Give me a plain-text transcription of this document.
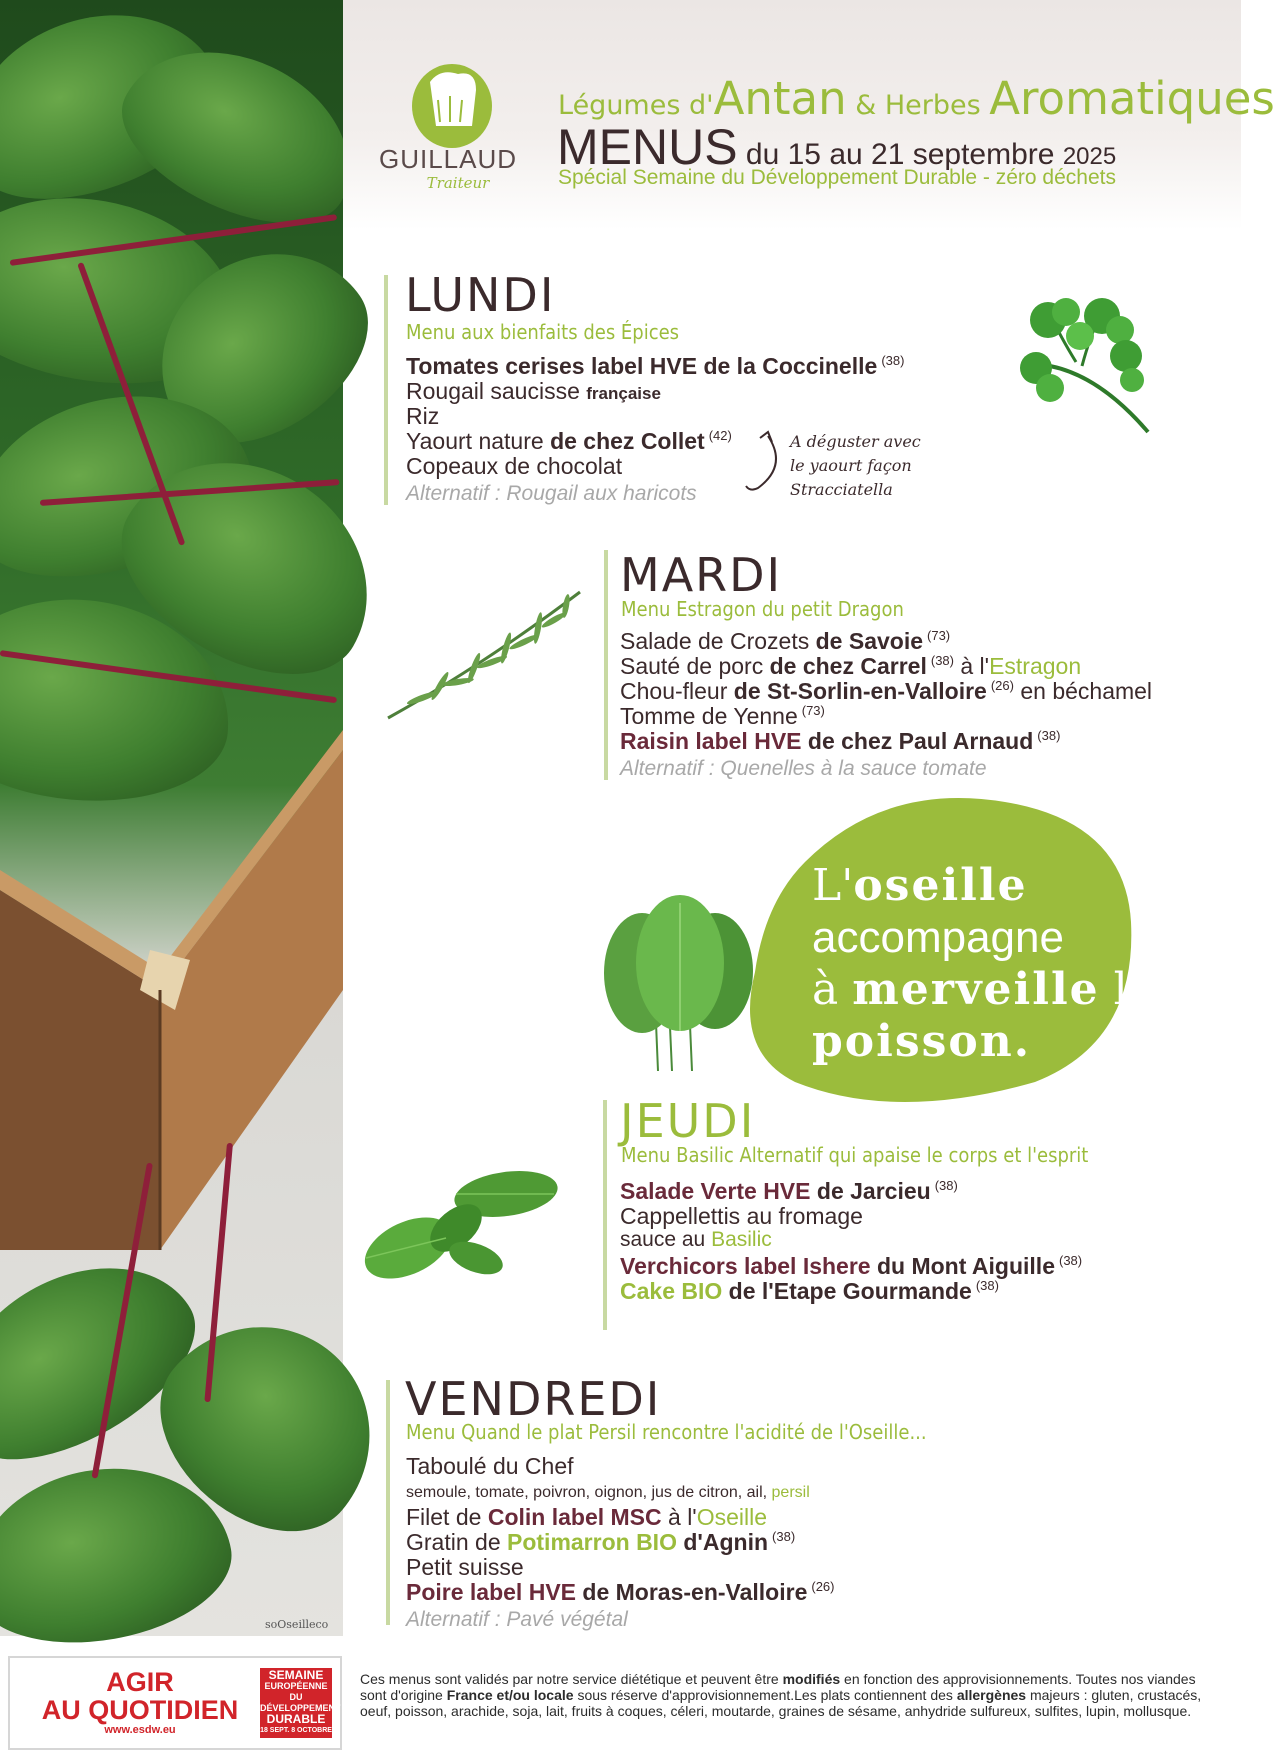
soOseilleco
GUILLAUD
Traiteur
Légumes d'Antan & Herbes Aromatiques
MENUS du 15 au 21 septembre 2025
Spécial Semaine du Développement Durable - zéro déchets
LUNDI
Menu aux bienfaits des Épices
Tomates cerises label HVE de la Coccinelle $^{(38)}$
Rougail saucisse française
Riz
Yaourt nature de chez Collet $^{(42)}$
Copeaux de chocolat
Alternatif : Rougail aux haricots
A déguster avec
le yaourt façon
Stracciatella
MARDI
Menu Estragon du petit Dragon
Salade de Crozets de Savoie $^{(73)}$
Sauté de porc de chez Carrel $^{(38)}$ à l'Estragon
Chou-fleur de St-Sorlin-en-Valloire $^{(26)}$ en béchamel
Tomme de Yenne $^{(73)}$
Raisin label HVE de chez Paul Arnaud $^{(38)}$
Alternatif : Quenelles à la sauce tomate
L'oseille
accompagne
à merveille le
poisson.
JEUDI
Menu Basilic Alternatif qui apaise le corps et l'esprit
Salade Verte HVE de Jarcieu $^{(38)}$
Cappellettis au fromage
sauce au Basilic
Verchicors label Ishere du Mont Aiguille $^{(38)}$
Cake BIO de l'Etape Gourmande $^{(38)}$
VENDREDI
Menu Quand le plat Persil rencontre l'acidité de l'Oseille...
Taboulé du Chef
semoule, tomate, poivron, oignon, jus de citron, ail, persil
Filet de Colin label MSC à l'Oseille
Gratin de Potimarron BIO d'Agnin $^{(38)}$
Petit suisse
Poire label HVE de Moras-en-Valloire $^{(26)}$
Alternatif : Pavé végétal
AGIR
AU QUOTIDIEN
www.esdw.eu
SEMAINE
EUROPÉENNE
DU DÉVELOPPEMENT
DURABLE
18 SEPT. 8 OCTOBRE
Ces menus sont validés par notre service diététique et peuvent être modifiés en fonction des approvisionnements. Toutes nos viandes sont d'origine France et/ou locale sous réserve d'approvisionnement.Les plats contiennent des allergènes majeurs : gluten, crustacés, oeuf, poisson, arachide, soja, lait, fruits à coques, céleri, moutarde, graines de sésame, anhydride sulfureux, sulfites, lupin, mollusque.
